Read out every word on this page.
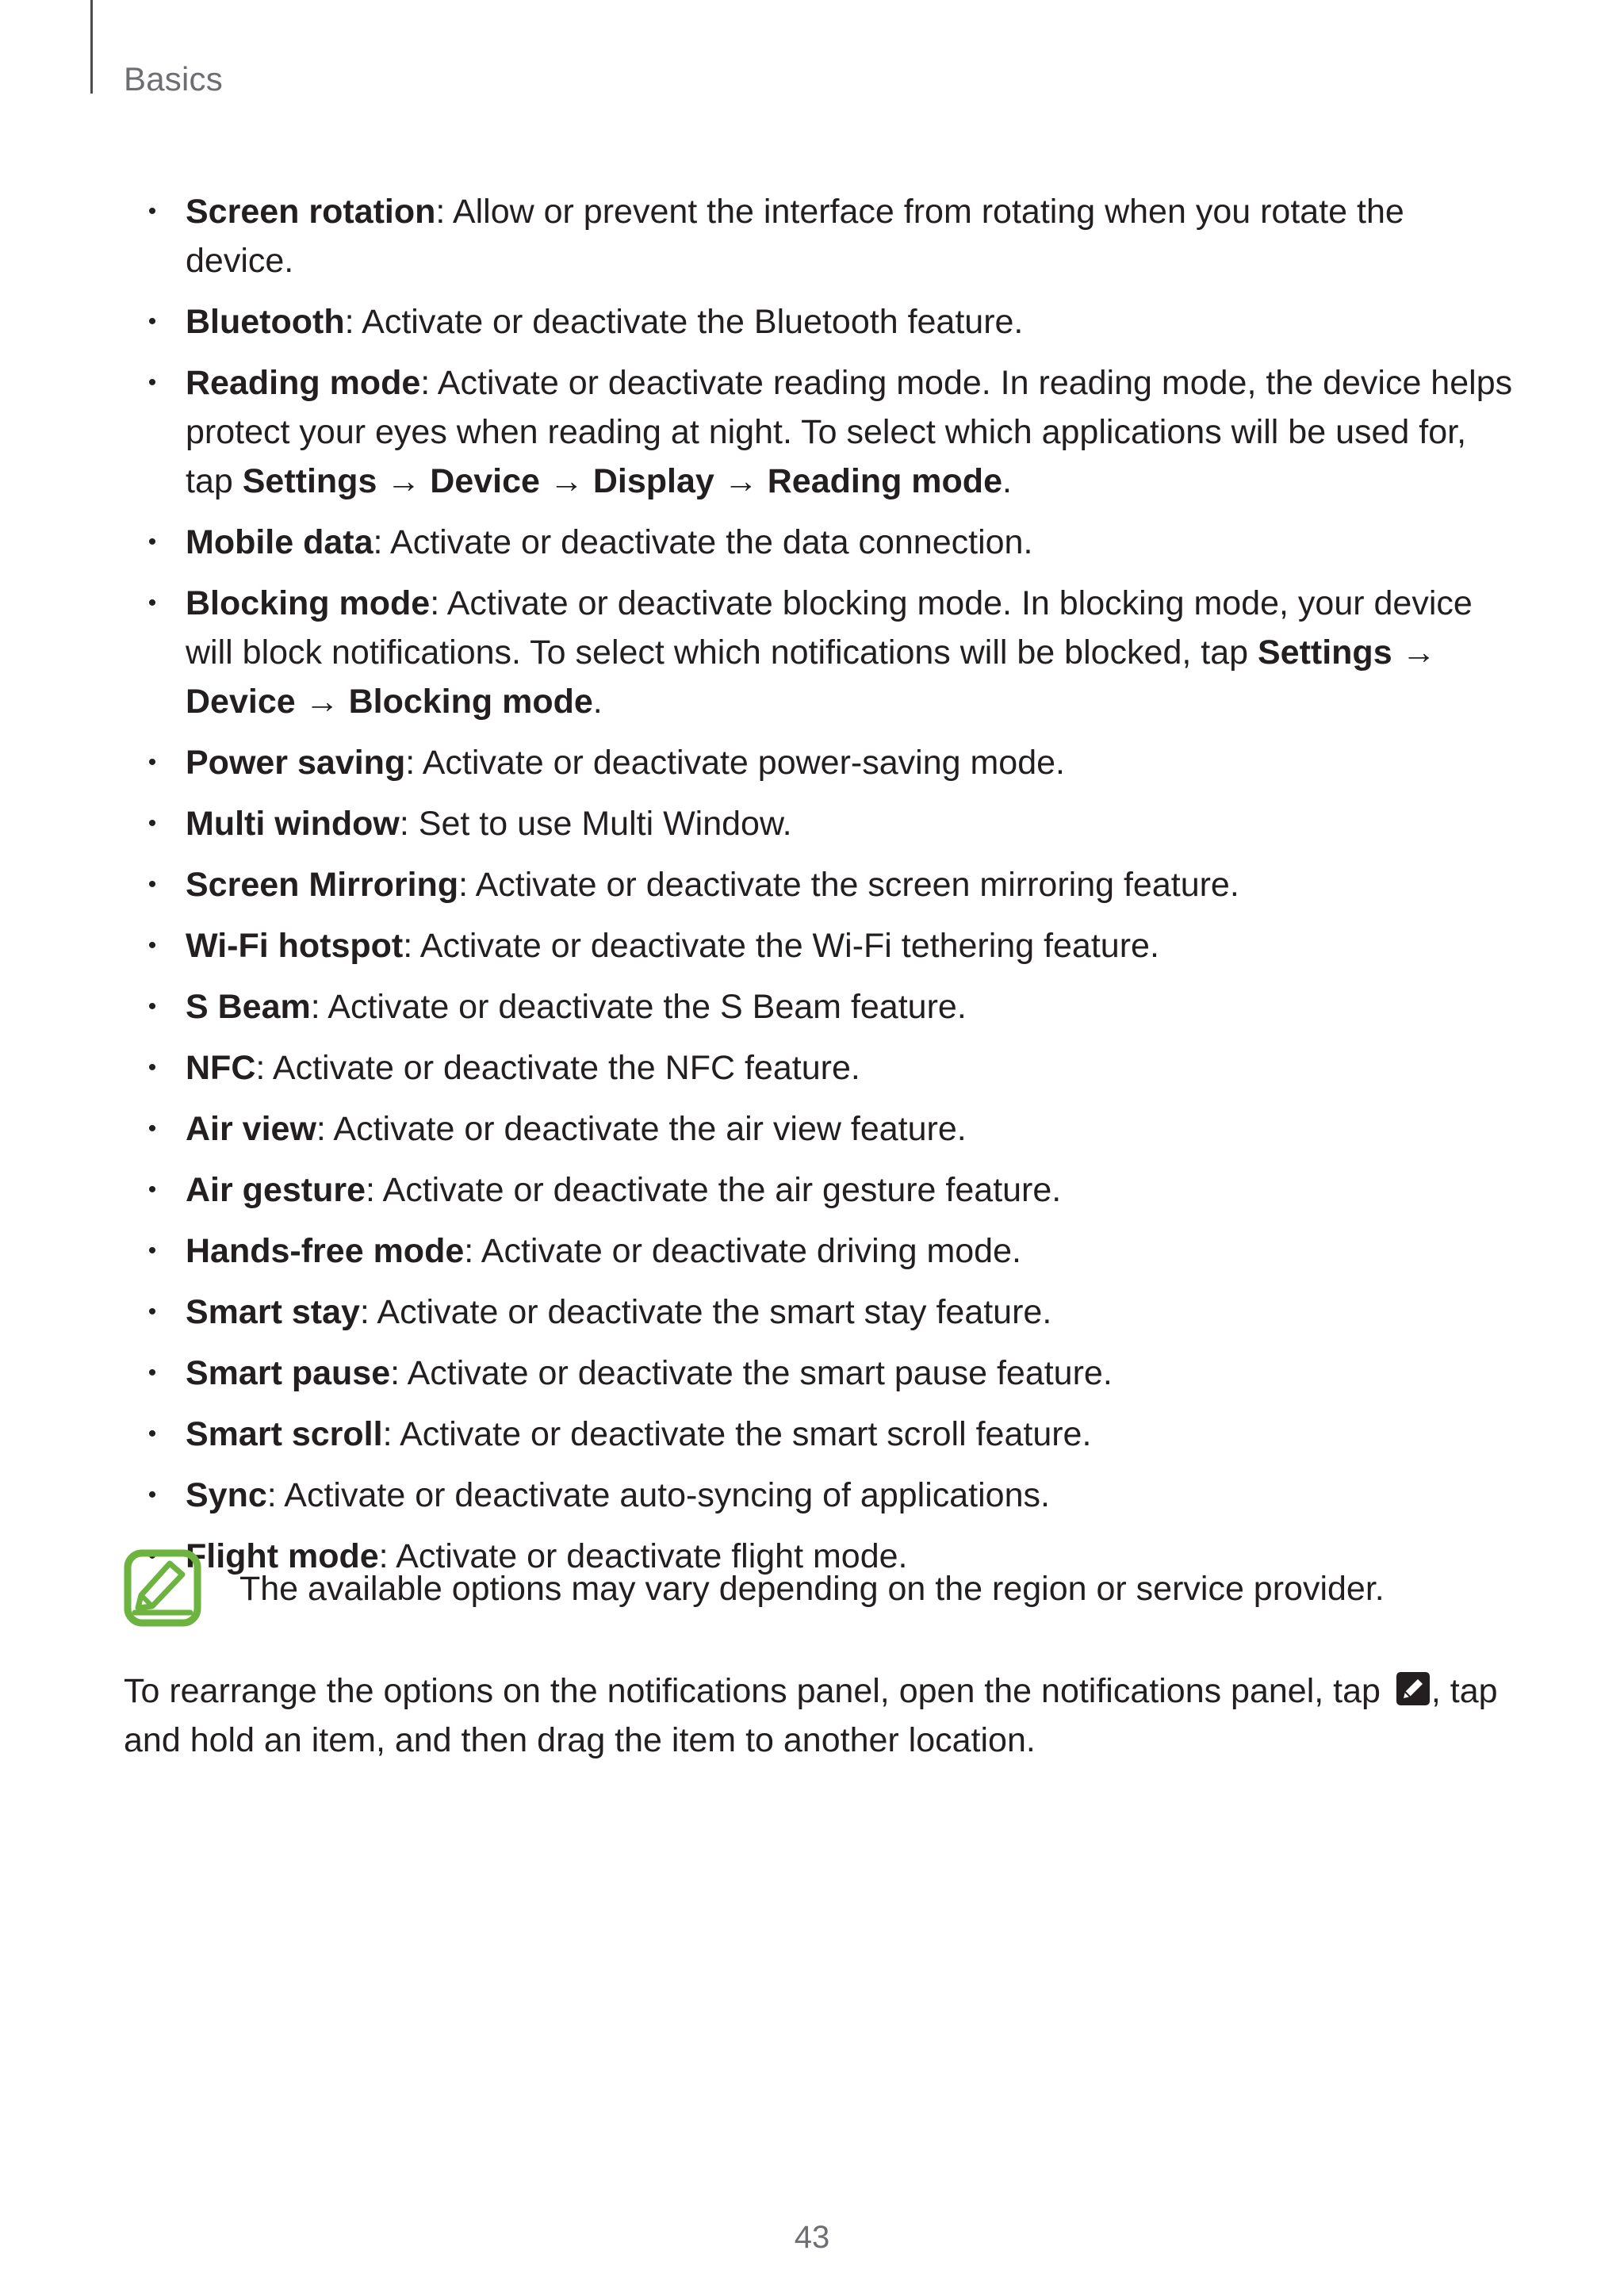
Basics
• Screen rotation: Allow or prevent the interface from rotating when you rotate the device.
• Bluetooth: Activate or deactivate the Bluetooth feature.
• Reading mode: Activate or deactivate reading mode. In reading mode, the device helps protect your eyes when reading at night. To select which applications will be used for, tap Settings → Device → Display → Reading mode.
• Mobile data: Activate or deactivate the data connection.
• Blocking mode: Activate or deactivate blocking mode. In blocking mode, your device will block notifications. To select which notifications will be blocked, tap Settings → Device → Blocking mode.
• Power saving: Activate or deactivate power-saving mode.
• Multi window: Set to use Multi Window.
• Screen Mirroring: Activate or deactivate the screen mirroring feature.
• Wi-Fi hotspot: Activate or deactivate the Wi-Fi tethering feature.
• S Beam: Activate or deactivate the S Beam feature.
• NFC: Activate or deactivate the NFC feature.
• Air view: Activate or deactivate the air view feature.
• Air gesture: Activate or deactivate the air gesture feature.
• Hands-free mode: Activate or deactivate driving mode.
• Smart stay: Activate or deactivate the smart stay feature.
• Smart pause: Activate or deactivate the smart pause feature.
• Smart scroll: Activate or deactivate the smart scroll feature.
• Sync: Activate or deactivate auto-syncing of applications.
• Flight mode: Activate or deactivate flight mode.
The available options may vary depending on the region or service provider.

To rearrange the options on the notifications panel, open the notifications panel, tap , tap and hold an item, and then drag the item to another location.

43
